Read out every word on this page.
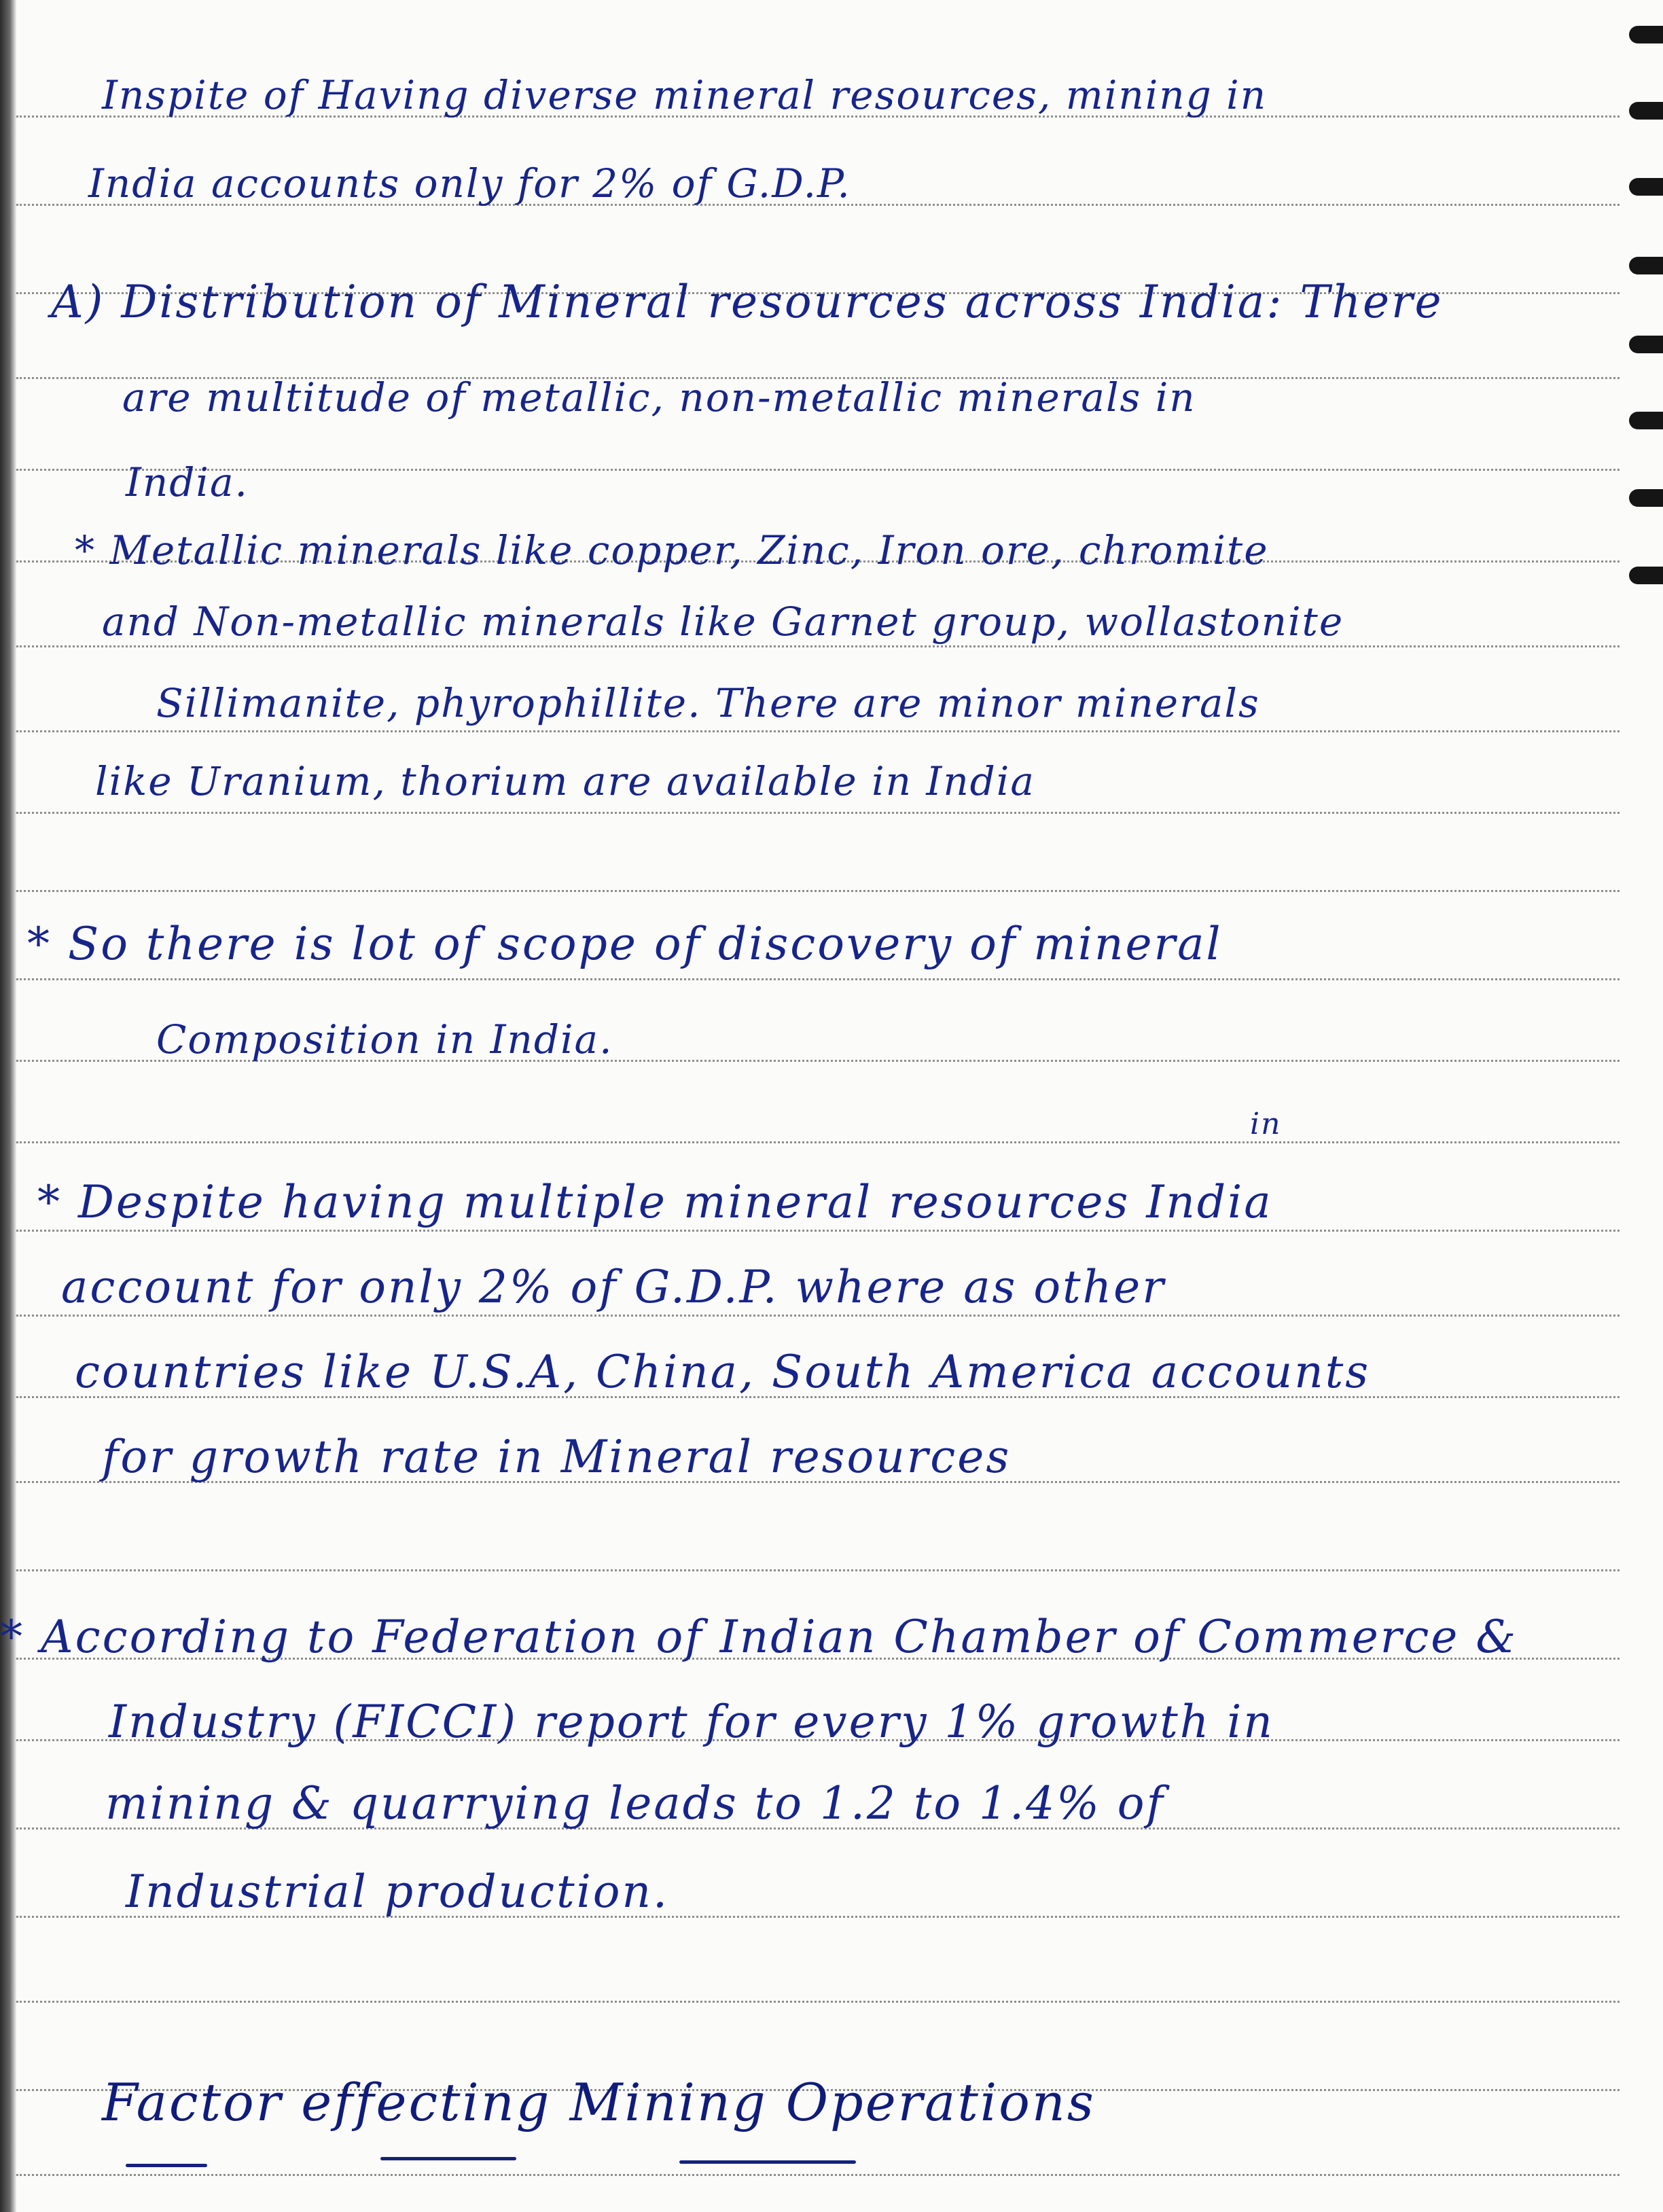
Inspite of Having diverse mineral resources, mining in
India accounts only for 2% of G.D.P.
A) Distribution of Mineral resources across India: There
are multitude of metallic, non-metallic minerals in
India.
* Metallic minerals like copper, Zinc, Iron ore, chromite
and Non-metallic minerals like Garnet group, wollastonite
Sillimanite, phyrophillite. There are minor minerals
like Uranium, thorium are available in India
* So there is lot of scope of discovery of mineral
Composition in India.
in
* Despite having multiple mineral resources India
account for only 2% of G.D.P. where as other
countries like U.S.A, China, South America accounts
for growth rate in Mineral resources
* According to Federation of Indian Chamber of Commerce &
Industry (FICCI) report for every 1% growth in
mining & quarrying leads to 1.2 to 1.4% of
Industrial production.
Factor effecting Mining Operations
